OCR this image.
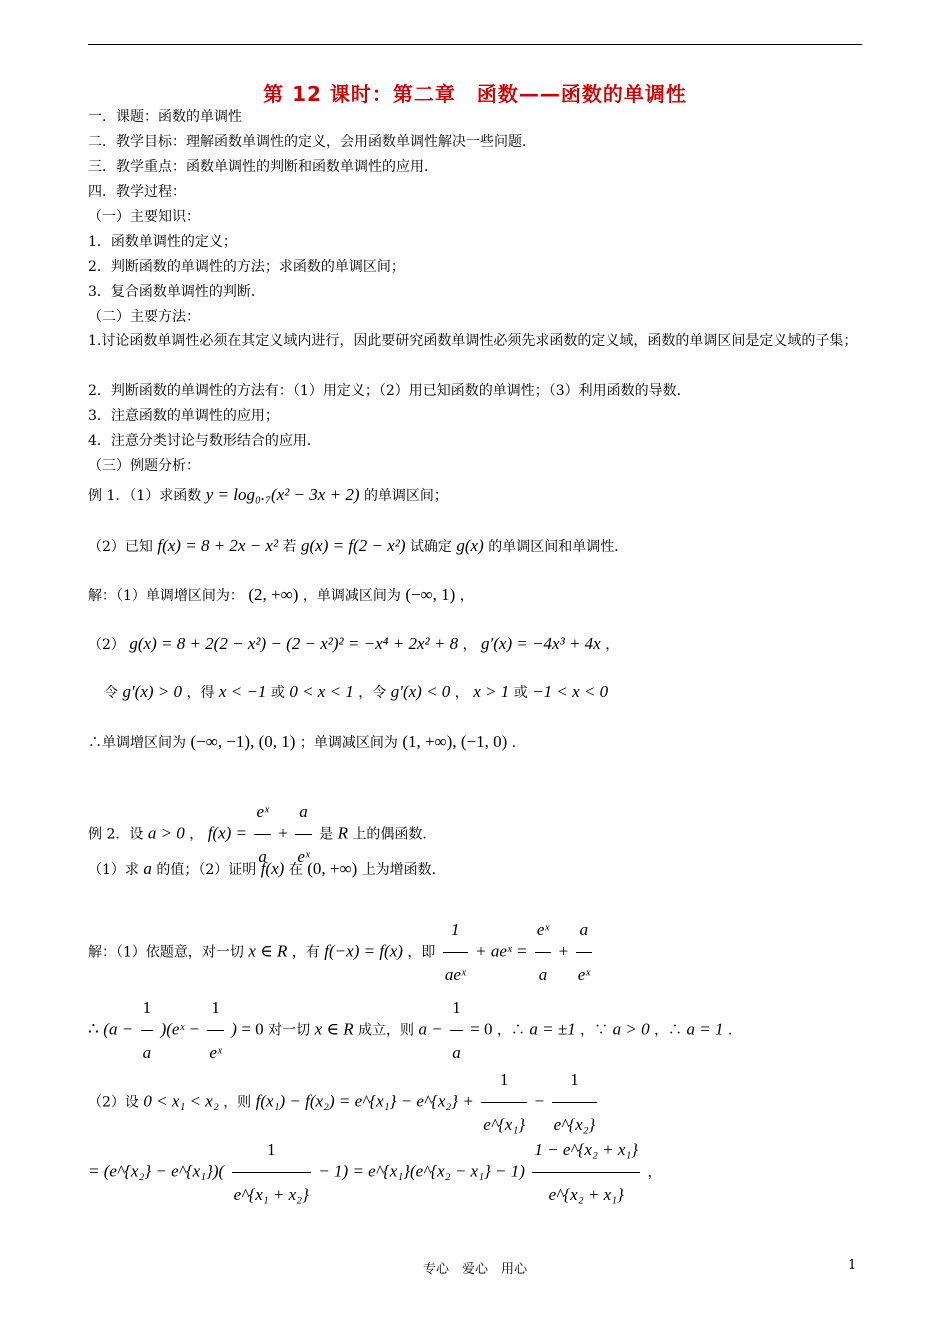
第 12 课时：第二章　函数——函数的单调性
一．课题：函数的单调性
二．教学目标：理解函数单调性的定义，会用函数单调性解决一些问题．
三．教学重点：函数单调性的判断和函数单调性的应用．
四．教学过程：
（一）主要知识：
1．函数单调性的定义；
2．判断函数的单调性的方法；求函数的单调区间；
3．复合函数单调性的判断．
（二）主要方法：
1.讨论函数单调性必须在其定义域内进行，因此要研究函数单调性必须先求函数的定义域，函数的单调区间是定义域的子集；
2．判断函数的单调性的方法有：（1）用定义；（2）用已知函数的单调性；（3）利用函数的导数．
3．注意函数的单调性的应用；
4．注意分类讨论与数形结合的应用．
（三）例题分析：
例 1．（1）求函数 y = log₀.₇(x² − 3x + 2) 的单调区间；
（2）已知 f(x) = 8 + 2x − x² 若 g(x) = f(2 − x²) 试确定 g(x) 的单调区间和单调性．
解：（1）单调增区间为： (2, +∞) ，单调减区间为 (−∞, 1) ，
（2） g(x) = 8 + 2(2 − x²) − (2 − x²)² = −x⁴ + 2x² + 8 ， g′(x) = −4x³ + 4x ，
令 g′(x) > 0 ，得 x < −1 或 0 < x < 1 ，令 g′(x) < 0 ， x > 1 或 −1 < x < 0
∴单调增区间为 (−∞, −1), (0, 1) ；单调减区间为 (1, +∞), (−1, 0) ．
例 2．设 a > 0 ， $f(x) = \frac{\text{eˣ}}{a} + \frac{a}{\text{eˣ}}$ 是 R 上的偶函数．
（1）求 a 的值；（2）证明 f(x) 在 (0, +∞) 上为增函数．
解：（1）依题意，对一切 x ∈ R ，有 f(−x) = f(x) ，即 $\frac{1}{\text{aeˣ}}$ + aeˣ = $\frac{\text{eˣ}}{a} + \frac{a}{\text{eˣ}}$
∴ ($a - \frac{1}{a}$ )(eˣ − $\frac{1}{\text{eˣ}}$ ) = 0 对一切 x ∈ R 成立，则 $a - \frac{1}{a} = 0$ ，∴ a = ±1 ，∵ a > 0 ，∴ a = 1 ．
（2）设 0 < x₁ < x₂ ，则 f(x₁) − f(x₂) = e^{x₁} − e^{x₂} + $\frac{1}{\text{e\textasciicircum{}\{x₁\}}} - \frac{1}{\text{e\textasciicircum{}\{x₂\}}}$
= (e^{x₂} − e^{x₁})( $\frac{1}{\text{e\textasciicircum{}\{x₁ + x₂\}}} - 1$) = e^{x₁}(e^{x₂ − $x_1\} - 1) \frac{\text{1 − e\textasciicircum{}\{x₂ + x₁\}}}{\text{e\textasciicircum{}\{x₂ + x₁\}}}$ ，
专心　爱心　用心	1
